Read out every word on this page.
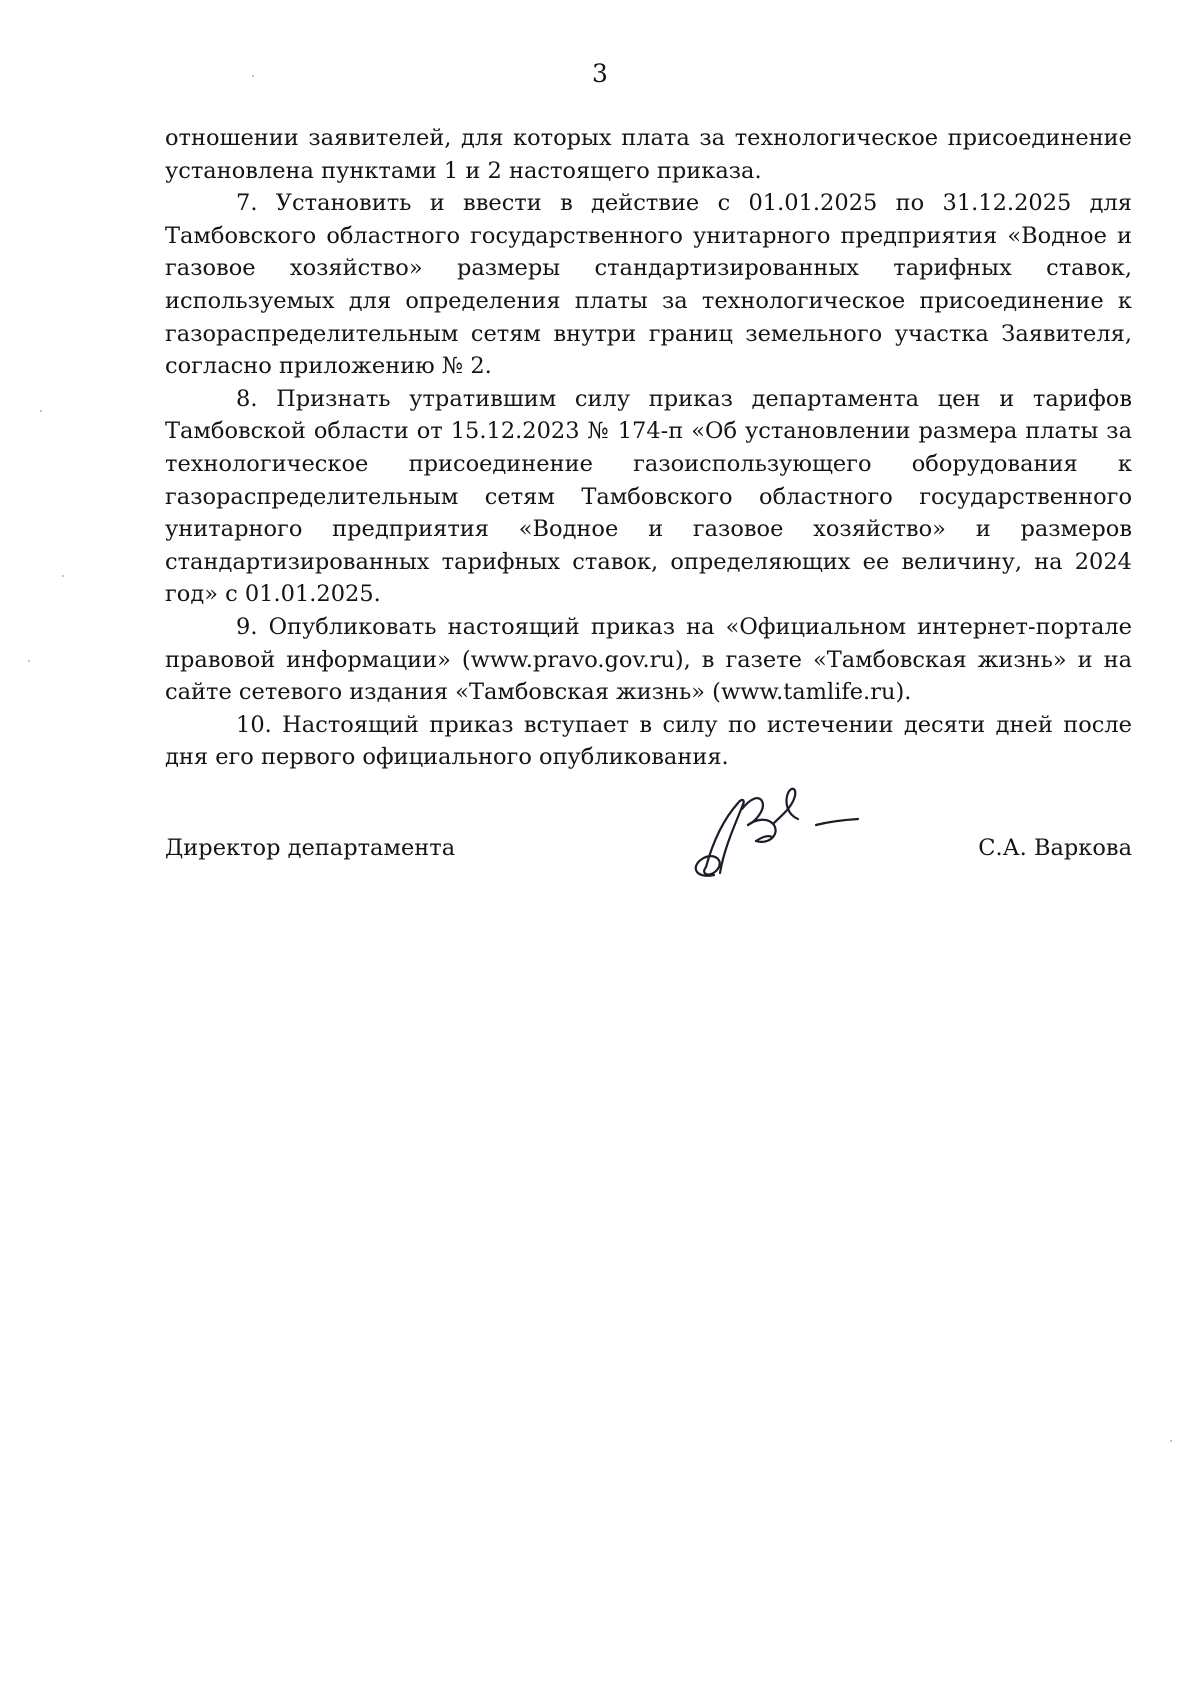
3

отношении заявителей, для которых плата за технологическое присоединение установлена пунктами 1 и 2 настоящего приказа.

7. Установить и ввести в действие с 01.01.2025 по 31.12.2025 для Тамбовского областного государственного унитарного предприятия «Водное и газовое хозяйство» размеры стандартизированных тарифных ставок, используемых для определения платы за технологическое присоединение к газораспределительным сетям внутри границ земельного участка Заявителя, согласно приложению № 2.

8. Признать утратившим силу приказ департамента цен и тарифов Тамбовской области от 15.12.2023 № 174-п «Об установлении размера платы за технологическое присоединение газоиспользующего оборудования к газораспределительным сетям Тамбовского областного государственного унитарного предприятия «Водное и газовое хозяйство» и размеров стандартизированных тарифных ставок, определяющих ее величину, на 2024 год» с 01.01.2025.

9. Опубликовать настоящий приказ на «Официальном интернет-портале правовой информации» (www.pravo.gov.ru), в газете «Тамбовская жизнь» и на сайте сетевого издания «Тамбовская жизнь» (www.tamlife.ru).

10. Настоящий приказ вступает в силу по истечении десяти дней после дня его первого официального опубликования.

Директор департамента	С.А. Варкова
